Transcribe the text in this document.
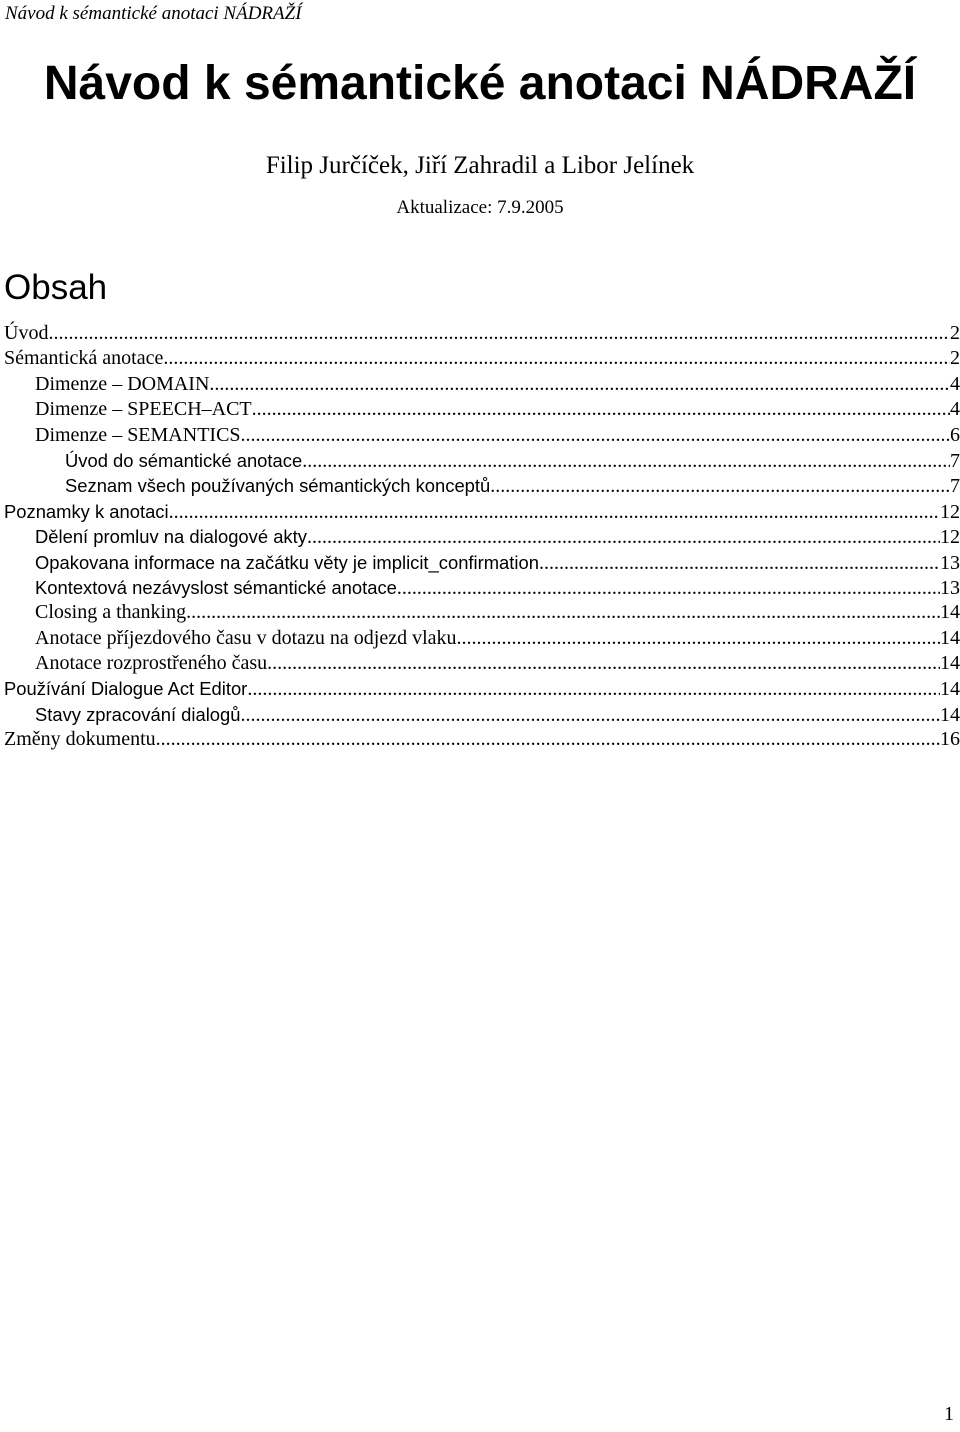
Návod k sémantické anotaci NÁDRAŽÍ
Návod k sémantické anotaci NÁDRAŽÍ
Filip Jurčíček, Jiří Zahradil a Libor Jelínek
Aktualizace: 7.9.2005
Obsah
Úvod .....	2
Sémantická anotace .....	2
Dimenze – DOMAIN .....	4
Dimenze – SPEECH–ACT .....	4
Dimenze – SEMANTICS .....	6
Úvod do sémantické anotace .....	7
Seznam všech používaných sémantických konceptů .....	7
Poznamky k anotaci .....	12
Dělení promluv na dialogové akty .....	12
Opakovana informace na začátku věty je implicit_confirmation .....	13
Kontextová nezávyslost sémantické anotace .....	13
Closing a thanking .....	14
Anotace příjezdového času v dotazu na odjezd vlaku .....	14
Anotace rozprostřeného času .....	14
Používání Dialogue Act Editor .....	14
Stavy zpracování dialogů .....	14
Změny dokumentu .....	16
1
